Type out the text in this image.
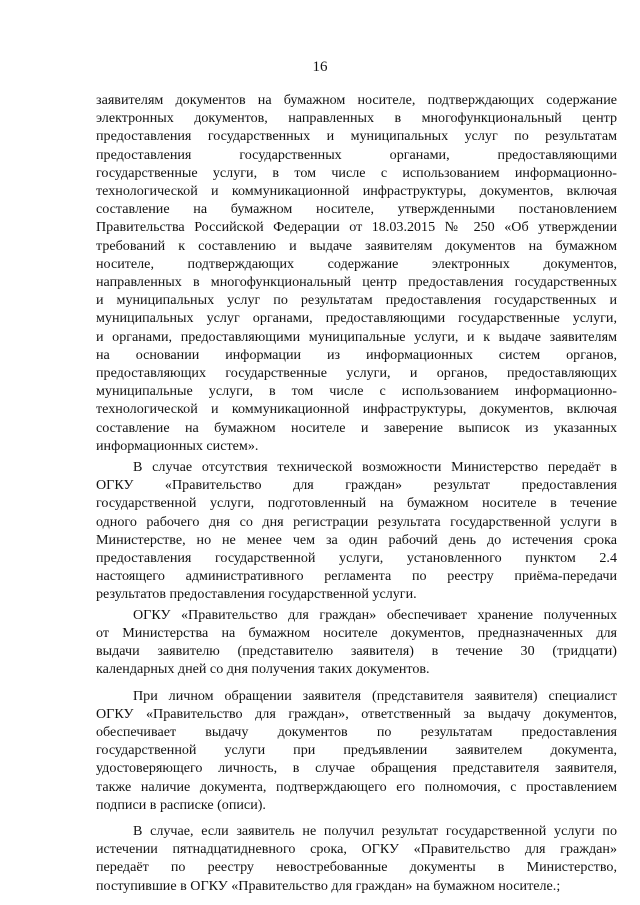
16

заявителям документов на бумажном носителе, подтверждающих содержание

электронных документов, направленных в многофункциональный центр

предоставления государственных и муниципальных услуг по результатам

предоставления государственных органами, предоставляющими

государственные услуги, в том числе с использованием информационно-

технологической и коммуникационной инфраструктуры, документов, включая

составление на бумажном носителе, утвержденными постановлением

Правительства Российской Федерации от 18.03.2015 № 250 «Об утверждении

требований к составлению и выдаче заявителям документов на бумажном

носителе, подтверждающих содержание электронных документов,

направленных в многофункциональный центр предоставления государственных

и муниципальных услуг по результатам предоставления государственных и

муниципальных услуг органами, предоставляющими государственные услуги,

и органами, предоставляющими муниципальные услуги, и к выдаче заявителям

на основании информации из информационных систем органов,

предоставляющих государственные услуги, и органов, предоставляющих

муниципальные услуги, в том числе с использованием информационно-

технологической и коммуникационной инфраструктуры, документов, включая

составление на бумажном носителе и заверение выписок из указанных

информационных систем».

В случае отсутствия технической возможности Министерство передаёт в

ОГКУ «Правительство для граждан» результат предоставления

государственной услуги, подготовленный на бумажном носителе в течение

одного рабочего дня со дня регистрации результата государственной услуги в

Министерстве, но не менее чем за один рабочий день до истечения срока

предоставления государственной услуги, установленного пунктом 2.4

настоящего административного регламента по реестру приёма-передачи

результатов предоставления государственной услуги.

ОГКУ «Правительство для граждан» обеспечивает хранение полученных

от Министерства на бумажном носителе документов, предназначенных для

выдачи заявителю (представителю заявителя) в течение 30 (тридцати)

календарных дней со дня получения таких документов.

При личном обращении заявителя (представителя заявителя) специалист

ОГКУ «Правительство для граждан», ответственный за выдачу документов,

обеспечивает выдачу документов по результатам предоставления

государственной услуги при предъявлении заявителем документа,

удостоверяющего личность, в случае обращения представителя заявителя,

также наличие документа, подтверждающего его полномочия, с проставлением

подписи в расписке (описи).

В случае, если заявитель не получил результат государственной услуги по

истечении пятнадцатидневного срока, ОГКУ «Правительство для граждан»

передаёт по реестру невостребованные документы в Министерство,

поступившие в ОГКУ «Правительство для граждан» на бумажном носителе.;
